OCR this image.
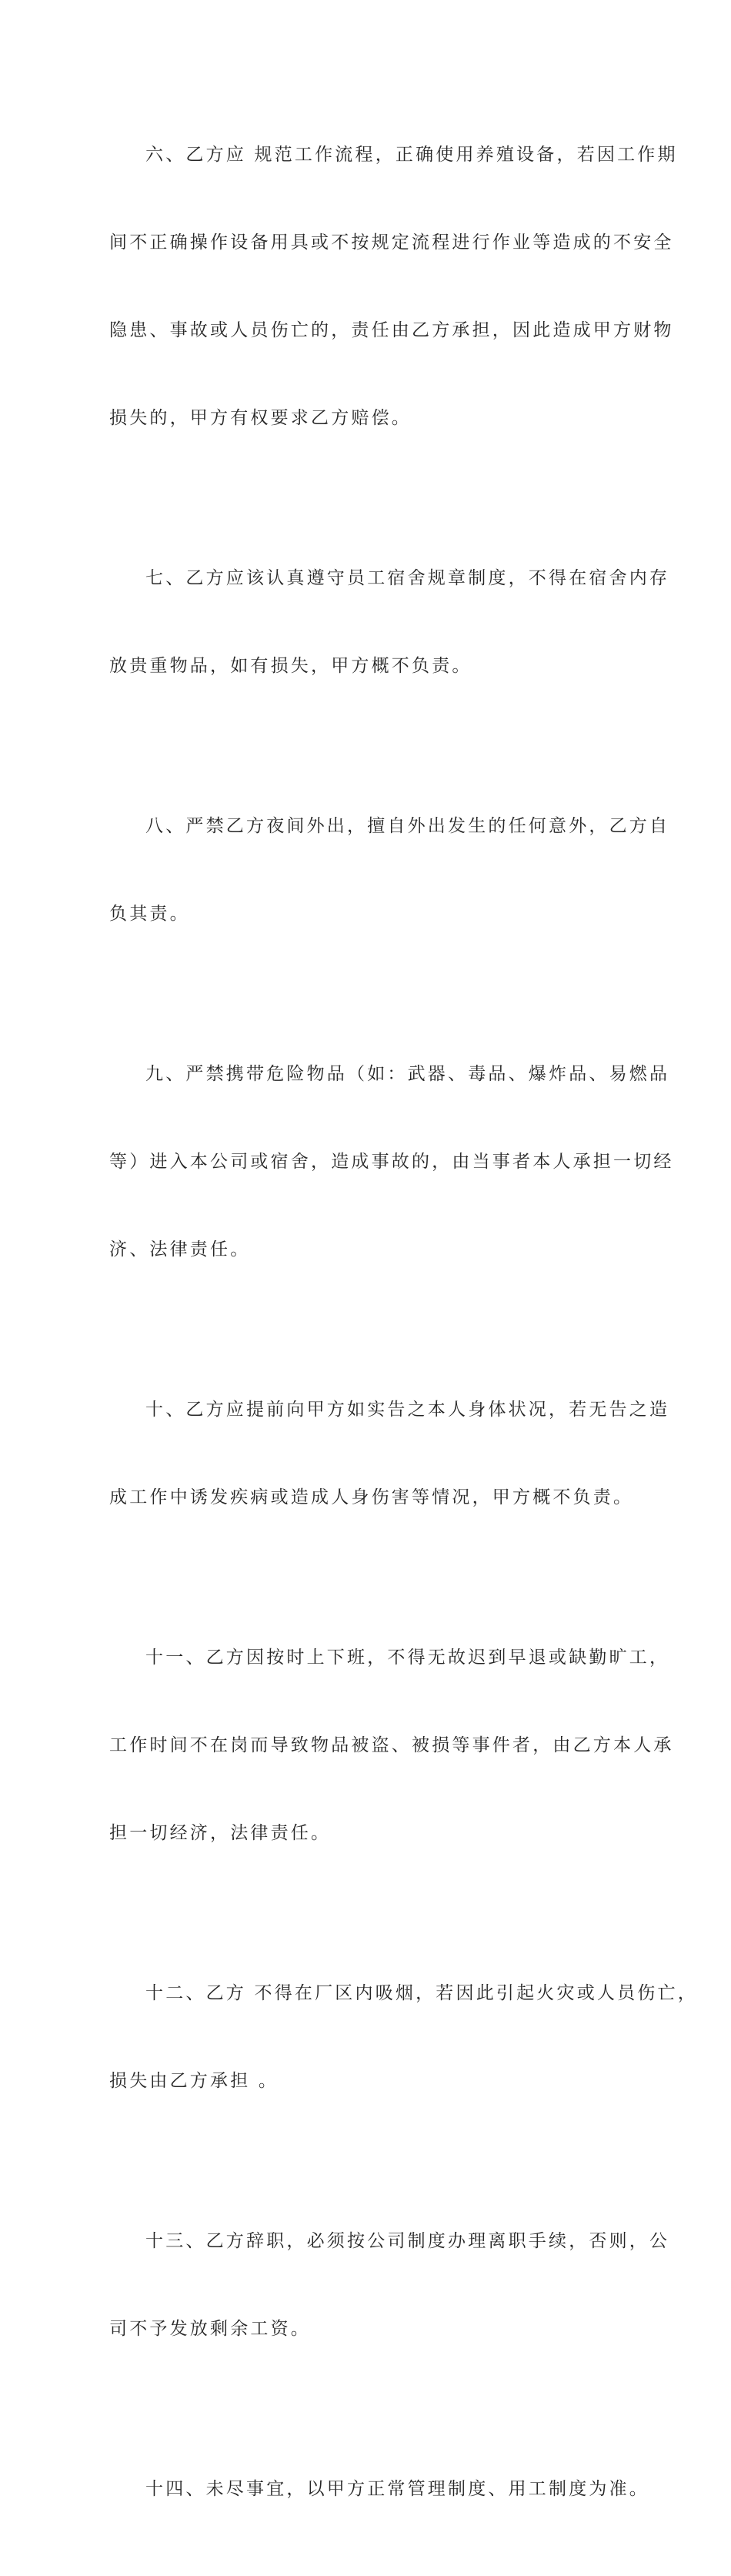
六、乙方应 规范工作流程，正确使用养殖设备，若因工作期

间不正确操作设备用具或不按规定流程进行作业等造成的不安全

隐患、事故或人员伤亡的，责任由乙方承担，因此造成甲方财物

损失的，甲方有权要求乙方赔偿。

七、乙方应该认真遵守员工宿舍规章制度，不得在宿舍内存

放贵重物品，如有损失，甲方概不负责。

八、严禁乙方夜间外出，擅自外出发生的任何意外，乙方自

负其责。

九、严禁携带危险物品（如：武器、毒品、爆炸品、易燃品

等）进入本公司或宿舍，造成事故的，由当事者本人承担一切经

济、法律责任。

十、乙方应提前向甲方如实告之本人身体状况，若无告之造

成工作中诱发疾病或造成人身伤害等情况，甲方概不负责。

十一、乙方因按时上下班，不得无故迟到早退或缺勤旷工，

工作时间不在岗而导致物品被盗、被损等事件者，由乙方本人承

担一切经济，法律责任。

十二、乙方 不得在厂区内吸烟，若因此引起火灾或人员伤亡，

损失由乙方承担 。

十三、乙方辞职，必须按公司制度办理离职手续，否则，公

司不予发放剩余工资。

十四、未尽事宜，以甲方正常管理制度、用工制度为准。
